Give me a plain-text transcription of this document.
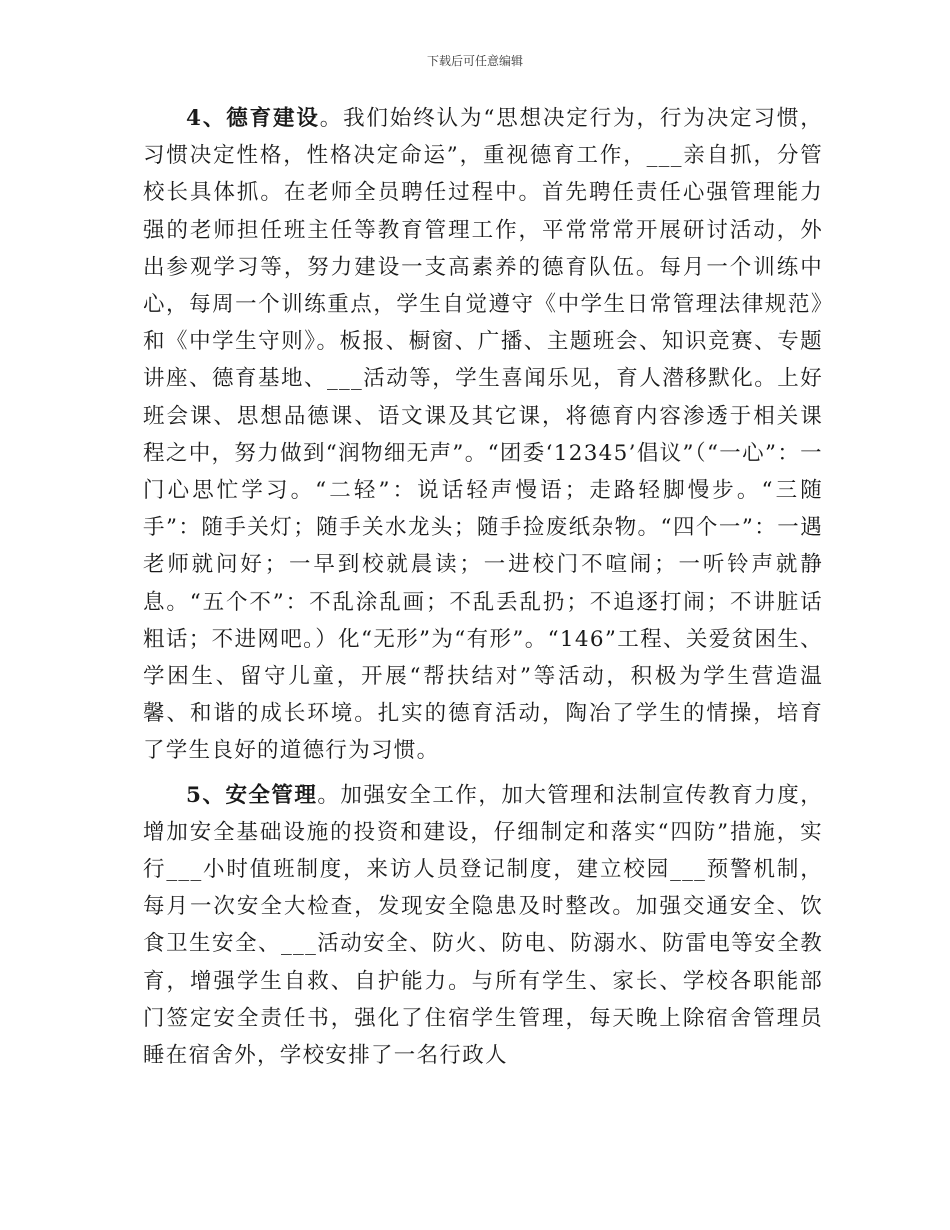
下载后可任意编辑

4、德育建设。我们始终认为“思想决定行为，行为决定习惯，习惯决定性格，性格决定命运”，重视德育工作，___亲自抓，分管校长具体抓。在老师全员聘任过程中。首先聘任责任心强管理能力强的老师担任班主任等教育管理工作，平常常常开展研讨活动，外出参观学习等，努力建设一支高素养的德育队伍。每月一个训练中心，每周一个训练重点，学生自觉遵守《中学生日常管理法律规范》和《中学生守则》。板报、橱窗、广播、主题班会、知识竞赛、专题讲座、德育基地、___活动等，学生喜闻乐见，育人潜移默化。上好班会课、思想品德课、语文课及其它课，将德育内容渗透于相关课程之中，努力做到“润物细无声”。“团委‘12345’倡议”（“一心”：一门心思忙学习。“二轻”：说话轻声慢语；走路轻脚慢步。“三随手”：随手关灯；随手关水龙头；随手捡废纸杂物。“四个一”：一遇老师就问好；一早到校就晨读；一进校门不喧闹；一听铃声就静息。“五个不”：不乱涂乱画；不乱丢乱扔；不追逐打闹；不讲脏话粗话；不进网吧。）化“无形”为“有形”。“146”工程、关爱贫困生、学困生、留守儿童，开展“帮扶结对”等活动，积极为学生营造温馨、和谐的成长环境。扎实的德育活动，陶冶了学生的情操，培育了学生良好的道德行为习惯。

5、安全管理。加强安全工作，加大管理和法制宣传教育力度，增加安全基础设施的投资和建设，仔细制定和落实“四防”措施，实行___小时值班制度，来访人员登记制度，建立校园___预警机制，每月一次安全大检查，发现安全隐患及时整改。加强交通安全、饮食卫生安全、___活动安全、防火、防电、防溺水、防雷电等安全教育，增强学生自救、自护能力。与所有学生、家长、学校各职能部门签定安全责任书，强化了住宿学生管理，每天晚上除宿舍管理员睡在宿舍外，学校安排了一名行政人
